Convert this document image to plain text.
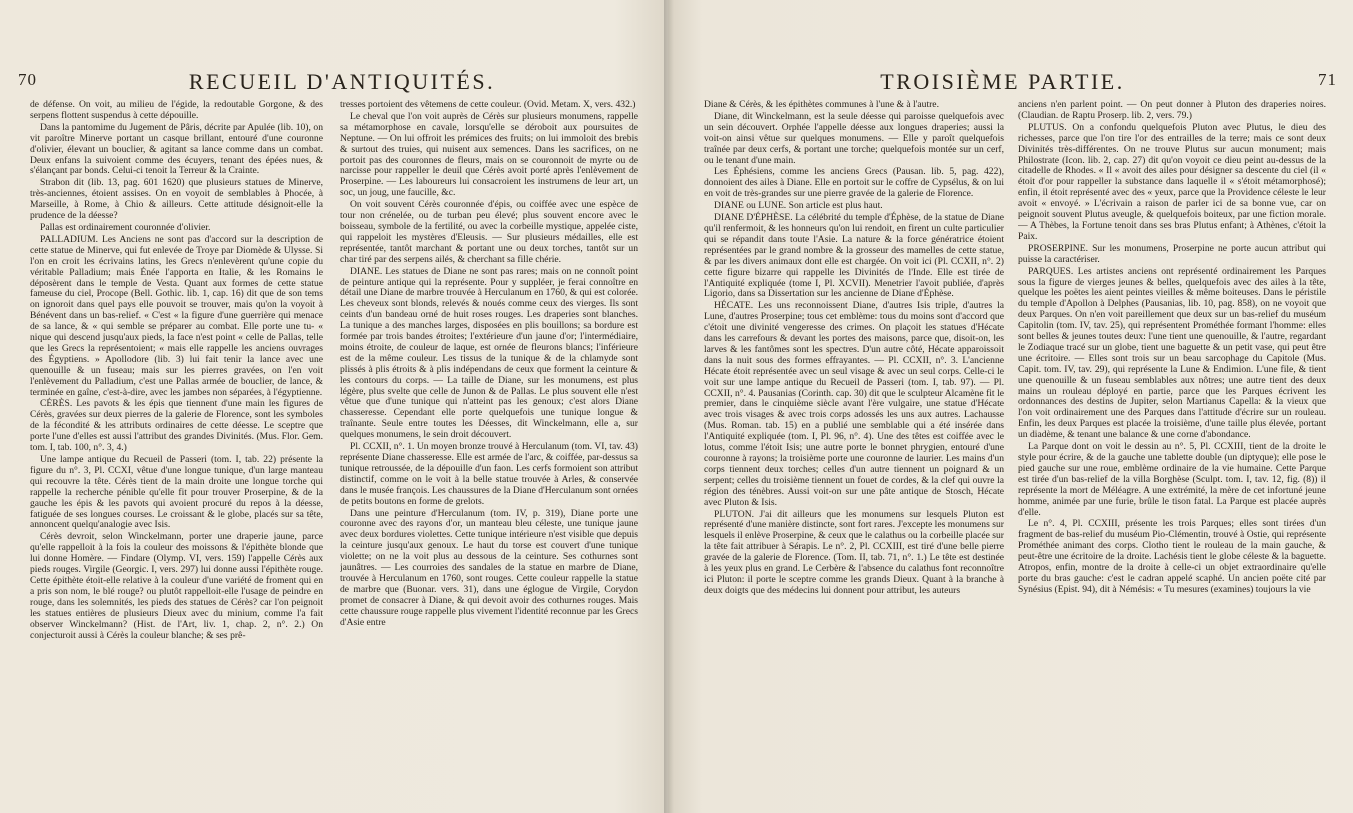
70	RECUEIL D'ANTIQUITÉS.

de défense. On voit, au milieu de l'égide, la redoutable Gorgone, & des serpens flottent suspendus à cette dépouille.

Dans la pantomime du Jugement de Pâris, décrite par Apulée (lib. 10), on vit paroître Minerve portant un casque brillant, entouré d'une couronne d'olivier, élevant un bouclier, & agitant sa lance comme dans un combat. Deux enfans la suivoient comme des écuyers, tenant des épées nues, & s'élançant par bonds. Celui-ci tenoit la Terreur & la Crainte.

Strabon dit (lib. 13, pag. 601 1620) que plusieurs statues de Minerve, très-anciennes, étoient assises. On en voyoit de semblables à Phocée, à Marseille, à Rome, à Chio & ailleurs. Cette attitude désignoit-elle la prudence de la déesse?

Pallas est ordinairement couronnée d'olivier.

PALLADIUM. Les Anciens ne sont pas d'accord sur la description de cette statue de Minerve, qui fut enlevée de Troye par Diomède & Ulysse. Si l'on en croit les écrivains latins, les Grecs n'enlevèrent qu'une copie du véritable Palladium; mais Énée l'apporta en Italie, & les Romains le déposèrent dans le temple de Vesta. Quant aux formes de cette statue fameuse du ciel, Procope (Bell. Gothic. lib. 1, cap. 16) dit que de son tems on ignoroit dans quel pays elle pouvoit se trouver, mais qu'on la voyoit à Bénévent dans un bas-relief. « C'est « la figure d'une guerrière qui menace de sa lance, & « qui semble se préparer au combat. Elle porte une tu- « nique qui descend jusqu'aux pieds, la face n'est point « celle de Pallas, telle que les Grecs la représentoient; « mais elle rappelle les anciens ouvrages des Égyptiens. » Apollodore (lib. 3) lui fait tenir la lance avec une quenouille & un fuseau; mais sur les pierres gravées, on l'en voit l'enlèvement du Palladium, c'est une Pallas armée de bouclier, de lance, & terminée en gaîne, c'est-à-dire, avec les jambes non séparées, à l'égyptienne.

CÉRÈS. Les pavots & les épis que tiennent d'une main les figures de Cérès, gravées sur deux pierres de la galerie de Florence, sont les symboles de la fécondité & les attributs ordinaires de cette déesse. Le sceptre que porte l'une d'elles est aussi l'attribut des grandes Divinités. (Mus. Flor. Gem. tom. I, tab. 100, n°. 3, 4.)

Une lampe antique du Recueil de Passeri (tom. I, tab. 22) présente la figure du n°. 3, Pl. CCXI, vêtue d'une longue tunique, d'un large manteau qui recouvre la tête. Cérès tient de la main droite une longue torche qui rappelle la recherche pénible qu'elle fit pour trouver Proserpine, & de la gauche les épis & les pavots qui avoient procuré du repos à la déesse, fatiguée de ses longues courses. Le croissant & le globe, placés sur sa tête, annoncent quelqu'analogie avec Isis.

Cérès devroit, selon Winckelmann, porter une draperie jaune, parce qu'elle rappelloit à la fois la couleur des moissons & l'épithète blonde que lui donne Homère. — Findare (Olymp. VI, vers. 159) l'appelle Cérès aux pieds rouges. Virgile (Georgic. I, vers. 297) lui donne aussi l'épithète rouge. Cette épithète étoit-elle relative à la couleur d'une variété de froment qui en a pris son nom, le blé rouge? ou plutôt rappelloit-elle l'usage de peindre en rouge, dans les solemnités, les pieds des statues de Cérès? car l'on peignoit les statues entières de plusieurs Dieux avec du minium, comme l'a fait observer Winckelmann? (Hist. de l'Art, liv. 1, chap. 2, n°. 2.) On conjecturoit aussi à Cérès la couleur blanche; & ses prê-

tresses portoient des vêtemens de cette couleur. (Ovid. Metam. X, vers. 432.)

Le cheval que l'on voit auprès de Cérès sur plusieurs monumens, rappelle sa métamorphose en cavale, lorsqu'elle se déroboit aux poursuites de Neptune. — On lui offroit les prémices des fruits; on lui immoloit des brebis & surtout des truies, qui nuisent aux semences. Dans les sacrifices, on ne portoit pas des couronnes de fleurs, mais on se couronnoit de myrte ou de narcisse pour rappeller le deuil que Cérès avoit porté après l'enlèvement de Proserpine. — Les laboureurs lui consacroient les instrumens de leur art, un soc, un joug, une faucille, &c.

On voit souvent Cérès couronnée d'épis, ou coiffée avec une espèce de tour non crénelée, ou de turban peu élevé; plus souvent encore avec le boisseau, symbole de la fertilité, ou avec la corbeille mystique, appelée ciste, qui rappeloit les mystères d'Eleusis. — Sur plusieurs médailles, elle est représentée, tantôt marchant & portant une ou deux torches, tantôt sur un char tiré par des serpens ailés, & cherchant sa fille chérie.

DIANE. Les statues de Diane ne sont pas rares; mais on ne connoît point de peinture antique qui la représente. Pour y suppléer, je ferai connoître en détail une Diane de marbre trouvée à Herculanum en 1760, & qui est colorée. Les cheveux sont blonds, relevés & noués comme ceux des vierges. Ils sont ceints d'un bandeau orné de huit roses rouges. Les draperies sont blanches. La tunique a des manches larges, disposées en plis bouillons; sa bordure est formée par trois bandes étroites; l'extérieure d'un jaune d'or; l'intermédiaire, moins étroite, de couleur de laque, est ornée de fleurons blancs; l'inférieure est de la même couleur. Les tissus de la tunique & de la chlamyde sont plissés à plis étroits & à plis indépendans de ceux que forment la ceinture & les contours du corps. — La taille de Diane, sur les monumens, est plus légère, plus svelte que celle de Junon & de Pallas. Le plus souvent elle n'est vêtue que d'une tunique qui n'atteint pas les genoux; c'est alors Diane chasseresse. Cependant elle porte quelquefois une tunique longue & traînante. Seule entre toutes les Déesses, dit Winckelmann, elle a, sur quelques monumens, le sein droit découvert.

Pl. CCXII, n°. 1. Un moyen bronze trouvé à Herculanum (tom. VI, tav. 43) représente Diane chasseresse. Elle est armée de l'arc, & coiffée, par-dessus sa tunique retroussée, de la dépouille d'un faon. Les cerfs formoient son attribut distinctif, comme on le voit à la belle statue trouvée à Arles, & conservée dans le musée françois. Les chaussures de la Diane d'Herculanum sont ornées de petits boutons en forme de grelots.

Dans une peinture d'Herculanum (tom. IV, p. 319), Diane porte une couronne avec des rayons d'or, un manteau bleu céleste, une tunique jaune avec deux bordures violettes. Cette tunique intérieure n'est visible que depuis la ceinture jusqu'aux genoux. Le haut du torse est couvert d'une tunique violette; on ne la voit plus au dessous de la ceinture. Ses cothurnes sont jaunâtres. — Les courroies des sandales de la statue en marbre de Diane, trouvée à Herculanum en 1760, sont rouges. Cette couleur rappelle la statue de marbre que (Buonar. vers. 31), dans une églogue de Virgile, Corydon promet de consacrer à Diane, & qui devoit avoir des cothurnes rouges. Mais cette chaussure rouge rappelle plus vivement l'identité reconnue par les Grecs d'Asie entre

TROISIÈME PARTIE.	71

Diane & Cérès, & les épithètes communes à l'une & à l'autre.

Diane, dit Winckelmann, est la seule déesse qui paroisse quelquefois avec un sein découvert. Orphée l'appelle déesse aux longues draperies; aussi la voit-on ainsi vêtue sur quelques monumens. — Elle y paroît quelquefois traînée par deux cerfs, & portant une torche; quelquefois montée sur un cerf, ou le tenant d'une main.

Les Éphésiens, comme les anciens Grecs (Pausan. lib. 5, pag. 422), donnoient des ailes à Diane. Elle en portoit sur le coffre de Cypsélus, & on lui en voit de très-grandes sur une pierre gravée de la galerie de Florence.

DIANE ou LUNE. Son article est plus haut.

DIANE D'ÉPHÈSE. La célébrité du temple d'Éphèse, de la statue de Diane qu'il renfermoit, & les honneurs qu'on lui rendoit, en firent un culte particulier qui se répandit dans toute l'Asie. La nature & la force génératrice étoient représentées par le grand nombre & la grosseur des mamelles de cette statue, & par les divers animaux dont elle est chargée. On voit ici (Pl. CCXII, n°. 2) cette figure bizarre qui rappelle les Divinités de l'Inde. Elle est tirée de l'Antiquité expliquée (tome I, Pl. XCVII). Menetrier l'avoit publiée, d'après Ligorio, dans sa Dissertation sur les ancienne de Diane d'Éphèse.

HÉCATE. Les uns reconnoissent Diane, d'autres Isis triple, d'autres la Lune, d'autres Proserpine; tous cet emblème: tous du moins sont d'accord que c'étoit une divinité vengeresse des crimes. On plaçoit les statues d'Hécate dans les carrefours & devant les portes des maisons, parce que, disoit-on, les larves & les fantômes sont les spectres. D'un autre côté, Hécate apparoissoit dans la nuit sous des formes effrayantes. — Pl. CCXII, n°. 3. L'ancienne Hécate étoit représentée avec un seul visage & avec un seul corps. Celle-ci le voit sur une lampe antique du Recueil de Passeri (tom. I, tab. 97). — Pl. CCXII, n°. 4. Pausanias (Corinth. cap. 30) dit que le sculpteur Alcamène fit le premier, dans le cinquième siècle avant l'ère vulgaire, une statue d'Hécate avec trois visages & avec trois corps adossés les uns aux autres. Lachausse (Mus. Roman. tab. 15) en a publié une semblable qui a été insérée dans l'Antiquité expliquée (tom. I, Pl. 96, n°. 4). Une des têtes est coiffée avec le lotus, comme l'étoit Isis; une autre porte le bonnet phrygien, entouré d'une couronne à rayons; la troisième porte une couronne de laurier. Les mains d'un corps tiennent deux torches; celles d'un autre tiennent un poignard & un serpent; celles du troisième tiennent un fouet de cordes, & la clef qui ouvre la région des ténèbres. Aussi voit-on sur une pâte antique de Stosch, Hécate avec Pluton & Isis.

PLUTON. J'ai dit ailleurs que les monumens sur lesquels Pluton est représenté d'une manière distincte, sont fort rares. J'excepte les monumens sur lesquels il enlève Proserpine, & ceux que le calathus ou la corbeille placée sur la tête fait attribuer à Sérapis. Le n°. 2, Pl. CCXIII, est tiré d'une belle pierre gravée de la galerie de Florence. (Tom. II, tab. 71, n°. 1.) Le tête est destinée à les yeux plus en grand. Le Cerbère & l'absence du calathus font reconnoître ici Pluton: il porte le sceptre comme les grands Dieux. Quant à la branche à deux doigts que des médecins lui donnent pour attribut, les auteurs

anciens n'en parlent point. — On peut donner à Pluton des draperies noires. (Claudian. de Raptu Proserp. lib. 2, vers. 79.)

PLUTUS. On a confondu quelquefois Pluton avec Plutus, le dieu des richesses, parce que l'on tire l'or des entrailles de la terre; mais ce sont deux Divinités très-différentes. On ne trouve Plutus sur aucun monument; mais Philostrate (Icon. lib. 2, cap. 27) dit qu'on voyoit ce dieu peint au-dessus de la citadelle de Rhodes. « Il « avoit des ailes pour désigner sa descente du ciel (il « étoit d'or pour rappeller la substance dans laquelle il « s'étoit métamorphosé); enfin, il étoit représenté avec des « yeux, parce que la Providence céleste le leur avoit « envoyé. » L'écrivain a raison de parler ici de sa bonne vue, car on peignoit souvent Plutus aveugle, & quelquefois boiteux, par une fiction morale. — A Thèbes, la Fortune tenoit dans ses bras Plutus enfant; à Athènes, c'étoit la Paix.

PROSERPINE. Sur les monumens, Proserpine ne porte aucun attribut qui puisse la caractériser.

PARQUES. Les artistes anciens ont représenté ordinairement les Parques sous la figure de vierges jeunes & belles, quelquefois avec des ailes à la tête, quelque les poëtes les aient peintes vieilles & même boiteuses. Dans le péristile du temple d'Apollon à Delphes (Pausanias, lib. 10, pag. 858), on ne voyoit que deux Parques. On n'en voit pareillement que deux sur un bas-relief du muséum Capitolin (tom. IV, tav. 25), qui représentent Prométhée formant l'homme: elles sont belles & jeunes toutes deux: l'une tient une quenouille, & l'autre, regardant le Zodiaque tracé sur un globe, tient une baguette & un petit vase, qui peut être une écritoire. — Elles sont trois sur un beau sarcophage du Capitole (Mus. Capit. tom. IV, tav. 29), qui représente la Lune & Endimion. L'une file, & tient une quenouille & un fuseau semblables aux nôtres; une autre tient des deux mains un rouleau déployé en partie, parce que les Parques écrivent les ordonnances des destins de Jupiter, selon Martianus Capella: & la vieux que l'on voit ordinairement une des Parques dans l'attitude d'écrire sur un rouleau. Enfin, les deux Parques est placée la troisième, d'une taille plus élevée, portant un diadème, & tenant une balance & une corne d'abondance.

La Parque dont on voit le dessin au n°. 5, Pl. CCXIII, tient de la droite le style pour écrire, & de la gauche une tablette double (un diptyque); elle pose le pied gauche sur une roue, emblème ordinaire de la vie humaine. Cette Parque est tirée d'un bas-relief de la villa Borghèse (Sculpt. tom. I, tav. 12, fig. (8)) il représente la mort de Méléagre. A une extrémité, la mère de cet infortuné jeune homme, animée par une furie, brûle le tison fatal. La Parque est placée auprès d'elle.

Le n°. 4, Pl. CCXIII, présente les trois Parques; elles sont tirées d'un fragment de bas-relief du muséum Pio-Clémentin, trouvé à Ostie, qui représente Prométhée animant des corps. Clotho tient le rouleau de la main gauche, & peut-être une écritoire de la droite. Lachésis tient le globe céleste & la baguette. Atropos, enfin, montre de la droite à celle-ci un objet extraordinaire qu'elle porte du bras gauche: c'est le cadran appelé scaphé. Un ancien poëte cité par Synésius (Epist. 94), dit à Némésis: « Tu mesures (examines) toujours la vie
